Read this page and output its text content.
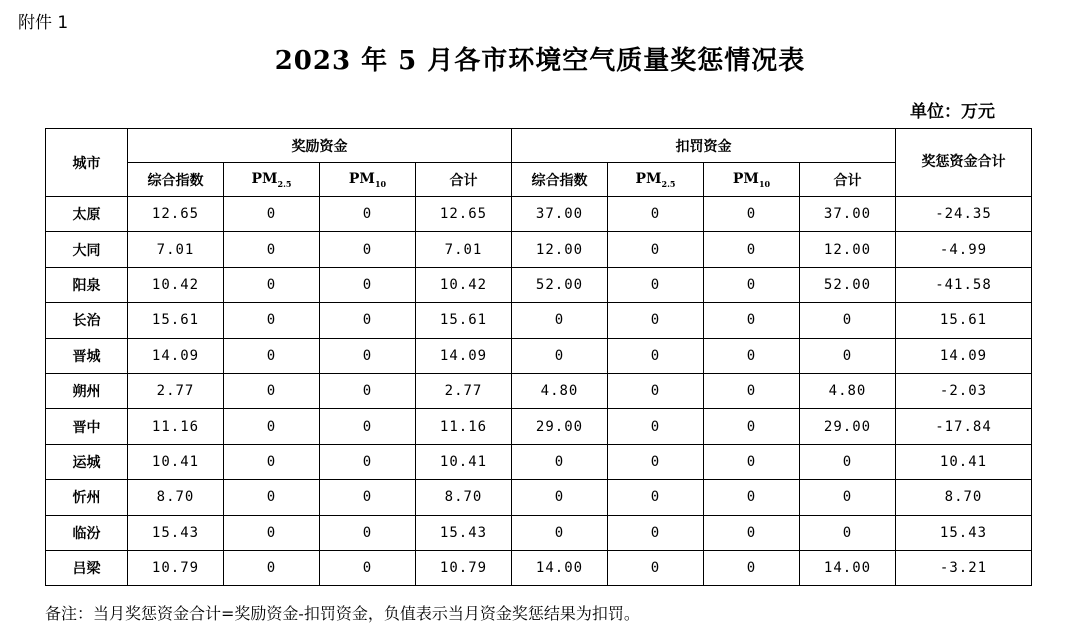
附件 1
2023 年 5 月各市环境空气质量奖惩情况表
单位：万元
城市	奖励资金				扣罚资金				奖惩资金合计
	综合指数	$PM_{2.5}$	$PM_{10}$	合计	综合指数	$PM_{2.5}$	$PM_{10}$	合计	
太原	12.65	0	0	12.65	37.00	0	0	37.00	-24.35
大同	7.01	0	0	7.01	12.00	0	0	12.00	-4.99
阳泉	10.42	0	0	10.42	52.00	0	0	52.00	-41.58
长治	15.61	0	0	15.61	0	0	0	0	15.61
晋城	14.09	0	0	14.09	0	0	0	0	14.09
朔州	2.77	0	0	2.77	4.80	0	0	4.80	-2.03
晋中	11.16	0	0	11.16	29.00	0	0	29.00	-17.84
运城	10.41	0	0	10.41	0	0	0	0	10.41
忻州	8.70	0	0	8.70	0	0	0	0	8.70
临汾	15.43	0	0	15.43	0	0	0	0	15.43
吕梁	10.79	0	0	10.79	14.00	0	0	14.00	-3.21
备注：当月奖惩资金合计=奖励资金-扣罚资金，负值表示当月资金奖惩结果为扣罚。
